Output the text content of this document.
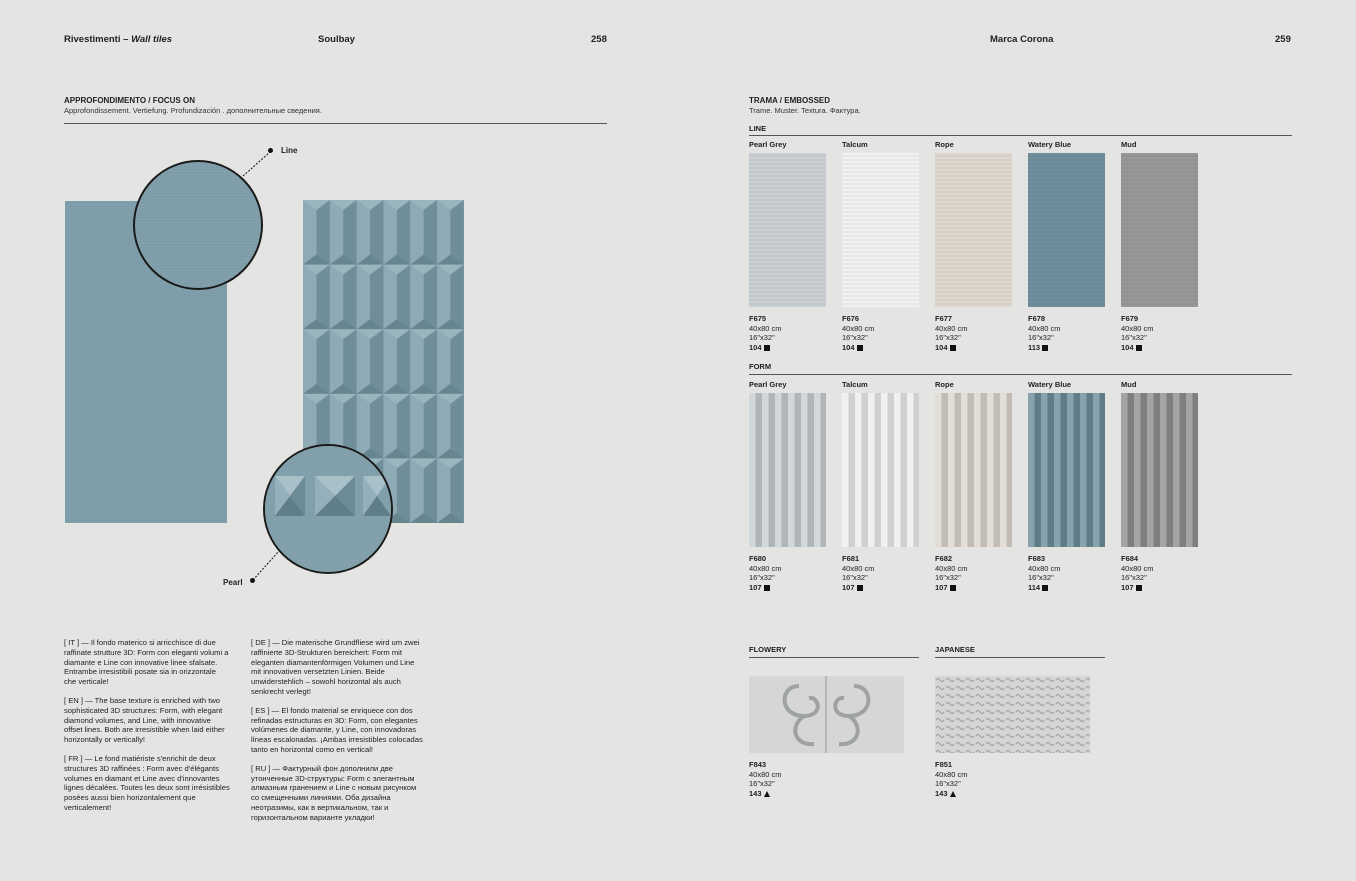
Rivestimenti – Wall tiles	Soulbay	258
APPROFONDIMENTO / FOCUS ON
Approfondissement. Vertiefung. Profundización . дополнительные сведения.
Line
Pearl

[ IT ] — Il fondo materico si arricchisce di due raffinate strutture 3D: Form con eleganti volumi a diamante e Line con innovative linee sfalsate. Entrambe irresistibili posate sia in orizzontale che verticale!

[ EN ] — The base texture is enriched with two sophisticated 3D structures: Form, with elegant diamond volumes, and Line, with innovative offset lines. Both are irresistible when laid either horizontally or vertically!

[ FR ] — Le fond matiériste s'enrichit de deux structures 3D raffinées : Form avec d'élégants volumes en diamant et Line avec d'innovantes lignes décalées. Toutes les deux sont irrésistibles posées aussi bien horizontalement que verticalement!

[ DE ] — Die materische Grundfliese wird um zwei raffinierte 3D-Strukturen bereichert: Form mit eleganten diamantenförmigen Volumen und Line mit innovativen versetzten Linien. Beide unwiderstehlich – sowohl horizontal als auch senkrecht verlegt!

[ ES ] — El fondo material se enriquece con dos refinadas estructuras en 3D: Form, con elegantes volúmenes de diamante, y Line, con innovadoras líneas escalonadas. ¡Ambas irresistibles colocadas tanto en horizontal como en vertical!

[ RU ] — Фактурный фон дополнили две утонченные 3D-структуры: Form с элегантным алмазным гранением и Line с новым рисунком со смещенными линиями. Оба дизайна неотразимы, как в вертикальном, так и горизонтальном варианте укладки!

Marca Corona	259
TRAMA / EMBOSSED
Trame. Muster. Textura. Фактура.
LINE
Pearl Grey	Talcum	Rope	Watery Blue	Mud
F675
40x80 cm
16"x32"
104
F676
40x80 cm
16"x32"
104
F677
40x80 cm
16"x32"
104
F678
40x80 cm
16"x32"
113
F679
40x80 cm
16"x32"
104
FORM
Pearl Grey	Talcum	Rope	Watery Blue	Mud
F680
40x80 cm
16"x32"
107
F681
40x80 cm
16"x32"
107
F682
40x80 cm
16"x32"
107
F683
40x80 cm
16"x32"
114
F684
40x80 cm
16"x32"
107
FLOWERY	JAPANESE
F843
40x80 cm
16"x32"
143
F851
40x80 cm
16"x32"
143
